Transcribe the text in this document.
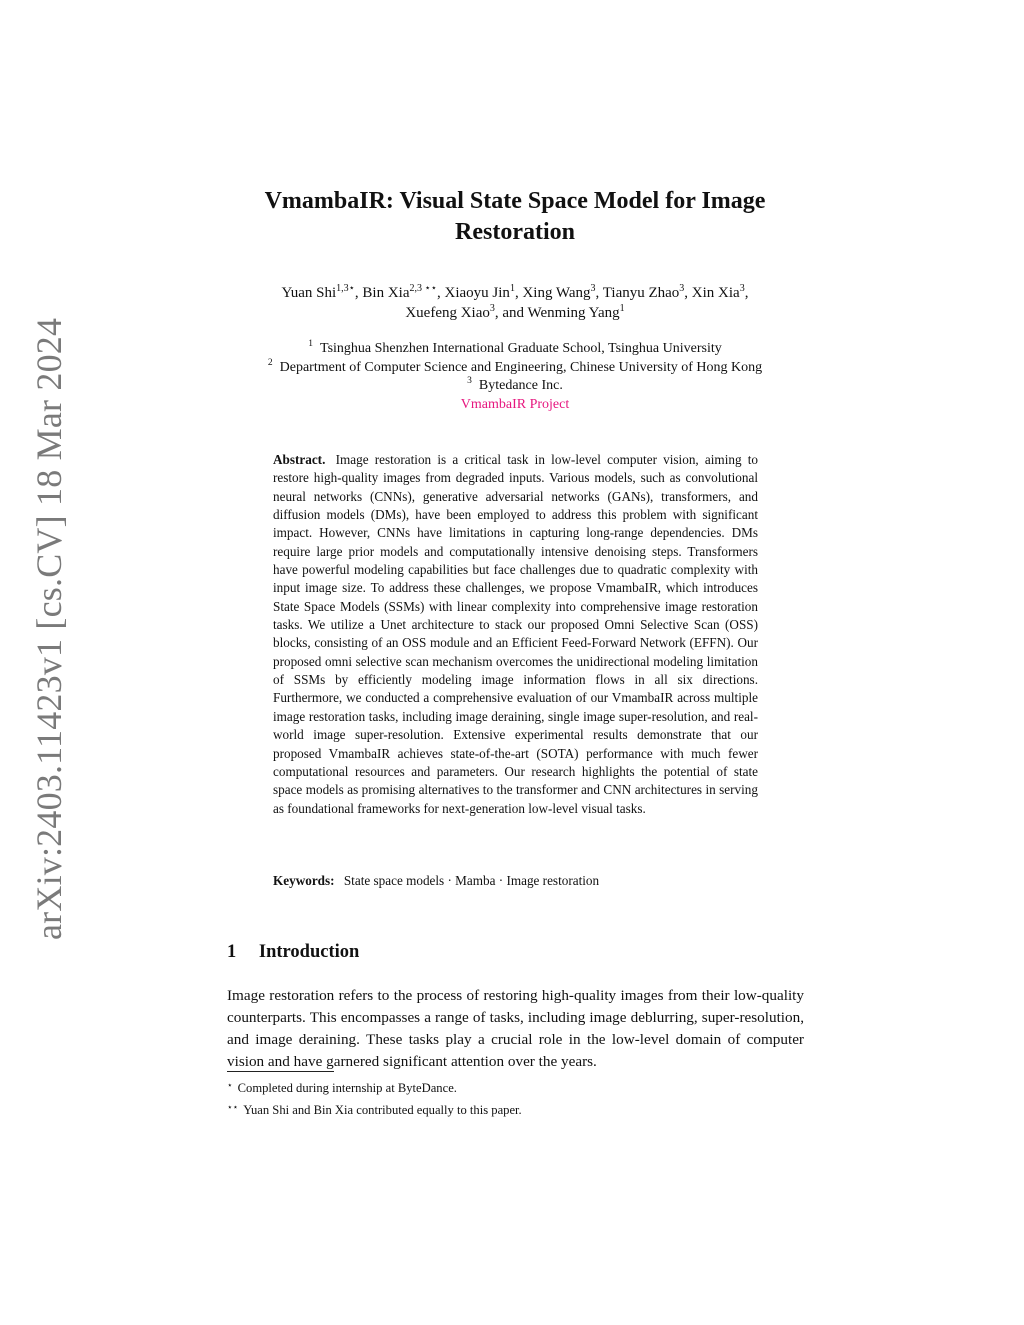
arXiv:2403.11423v1 [cs.CV] 18 Mar 2024
VmambaIR: Visual State Space Model for Image
Restoration
Yuan Shi$^{1,3⋆}$, Bin Xia$^{2,3 ⋆⋆}$, Xiaoyu Jin$^1$, Xing Wang$^3$, Tianyu Zhao$^3$, Xin Xia$^3$,
Xuefeng Xiao$^3$, and Wenming Yang$^1$
$^1$ Tsinghua Shenzhen International Graduate School, Tsinghua University
$^2$ Department of Computer Science and Engineering, Chinese University of Hong Kong
$^3$ Bytedance Inc.
VmambaIR Project
Abstract. Image restoration is a critical task in low-level computer vision, aiming to restore high-quality images from degraded inputs. Various models, such as convolutional neural networks (CNNs), generative adversarial networks (GANs), transformers, and diffusion models (DMs), have been employed to address this problem with significant impact. However, CNNs have limitations in capturing long-range dependencies. DMs require large prior models and computationally intensive denoising steps. Transformers have powerful modeling capabilities but face challenges due to quadratic complexity with input image size. To address these challenges, we propose VmambaIR, which introduces State Space Models (SSMs) with linear complexity into comprehensive image restoration tasks. We utilize a Unet architecture to stack our proposed Omni Selective Scan (OSS) blocks, consisting of an OSS module and an Efficient Feed-Forward Network (EFFN). Our proposed omni selective scan mechanism overcomes the unidirectional modeling limitation of SSMs by efficiently modeling image information flows in all six directions. Furthermore, we conducted a comprehensive evaluation of our VmambaIR across multiple image restoration tasks, including image deraining, single image super-resolution, and real-world image super-resolution. Extensive experimental results demonstrate that our proposed VmambaIR achieves state-of-the-art (SOTA) performance with much fewer computational resources and parameters. Our research highlights the potential of state space models as promising alternatives to the transformer and CNN architectures in serving as foundational frameworks for next-generation low-level visual tasks.
Keywords: State space models · Mamba · Image restoration
1 Introduction

Image restoration refers to the process of restoring high-quality images from their low-quality counterparts. This encompasses a range of tasks, including image deblurring, super-resolution, and image deraining. These tasks play a crucial role in the low-level domain of computer vision and have garnered significant attention over the years.

⋆ Completed during internship at ByteDance.
⋆⋆ Yuan Shi and Bin Xia contributed equally to this paper.
